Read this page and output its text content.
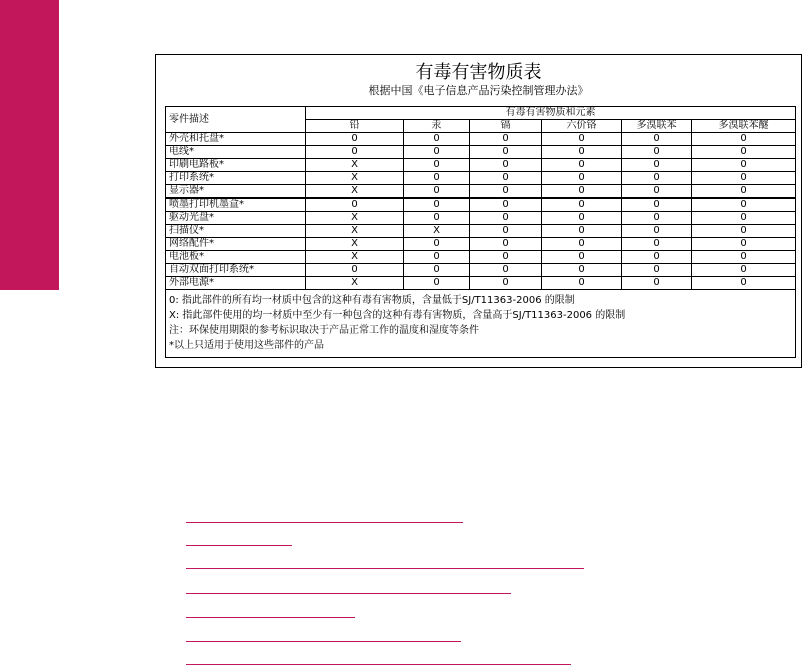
有毒有害物质表
根据中国《电子信息产品污染控制管理办法》
零件描述	有毒有害物质和元素					
	铅	汞	镉	六价铬	多溴联苯	多溴联苯醚
外壳和托盘*	0	0	0	0	0	0
电线*	0	0	0	0	0	0
印刷电路板*	X	0	0	0	0	0
打印系统*	X	0	0	0	0	0
显示器*	X	0	0	0	0	0
喷墨打印机墨盒*	0	0	0	0	0	0
驱动光盘*	X	0	0	0	0	0
扫描仪*	X	X	0	0	0	0
网络配件*	X	0	0	0	0	0
电池板*	X	0	0	0	0	0
自动双面打印系统*	0	0	0	0	0	0
外部电源*	X	0	0	0	0	0

0: 指此部件的所有均一材质中包含的这种有毒有害物质，含量低于SJ/T11363-2006 的限制
X: 指此部件使用的均一材质中至少有一种包含的这种有毒有害物质，含量高于SJ/T11363-2006 的限制
注：环保使用期限的参考标识取决于产品正常工作的温度和湿度等条件
*以上只适用于使用这些部件的产品						
